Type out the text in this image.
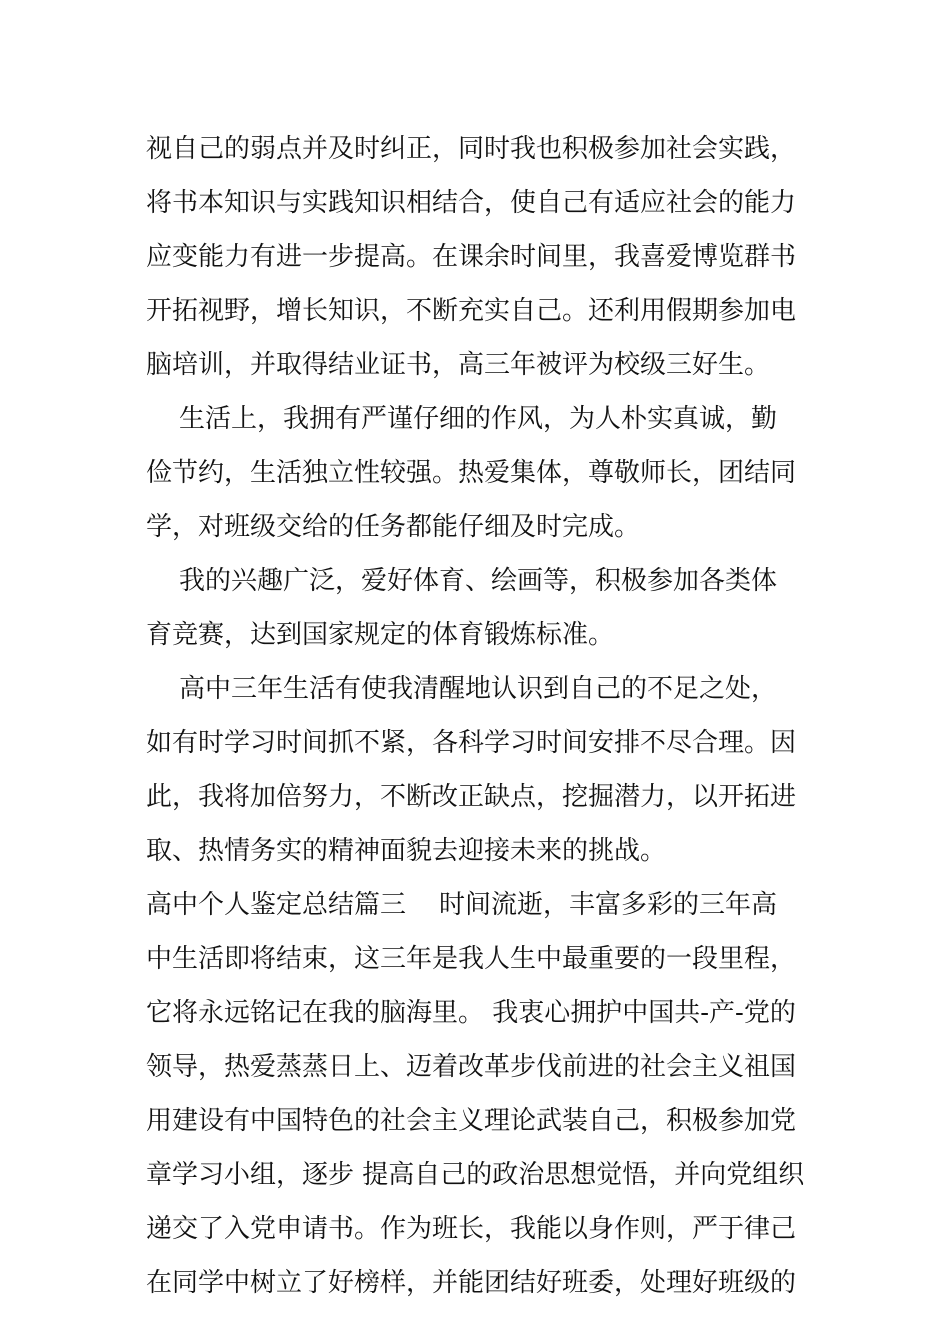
视自己的弱点并及时纠正，同时我也积极参加社会实践，
将书本知识与实践知识相结合，使自己有适应社会的能力
应变能力有进一步提高。在课余时间里，我喜爱博览群书
开拓视野，增长知识，不断充实自己。还利用假期参加电
脑培训，并取得结业证书，高三年被评为校级三好生。
生活上，我拥有严谨仔细的作风，为人朴实真诚，勤
俭节约，生活独立性较强。热爱集体，尊敬师长，团结同
学，对班级交给的任务都能仔细及时完成。
我的兴趣广泛，爱好体育、绘画等，积极参加各类体
育竞赛，达到国家规定的体育锻炼标准。
高中三年生活有使我清醒地认识到自己的不足之处，
如有时学习时间抓不紧，各科学习时间安排不尽合理。因
此，我将加倍努力，不断改正缺点，挖掘潜力，以开拓进
取、热情务实的精神面貌去迎接未来的挑战。
高中个人鉴定总结篇三    时间流逝，丰富多彩的三年高
中生活即将结束，这三年是我人生中最重要的一段里程，
它将永远铭记在我的脑海里。 我衷心拥护中国共-产-党的
领导，热爱蒸蒸日上、迈着改革步伐前进的社会主义祖国
用建设有中国特色的社会主义理论武装自己，积极参加党
章学习小组，逐步 提高自己的政治思想觉悟，并向党组织
递交了入党申请书。作为班长，我能以身作则，严于律己
在同学中树立了好榜样，并能团结好班委，处理好班级的
